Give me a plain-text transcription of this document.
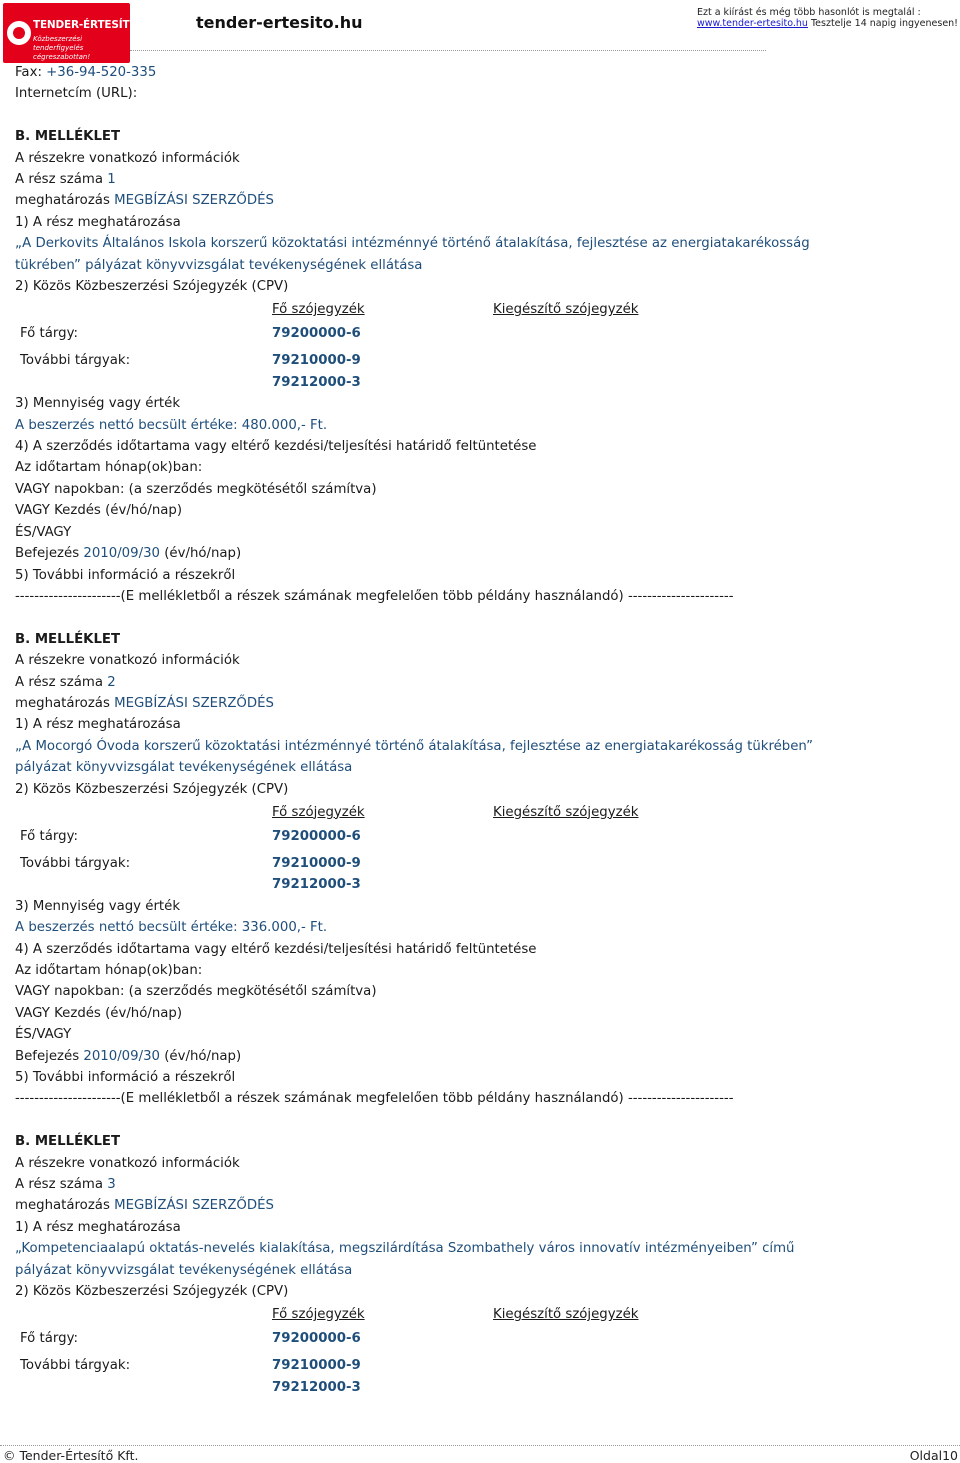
TENDER-ÉRTESÍTŐ.hu
Közbeszerzési tenderfigyelés cégreszabottan!
tender-ertesito.hu
Ezt a kiírást és még több hasonlót is megtalál :
www.tender-ertesito.hu Tesztelje 14 napig ingyenesen!
Fax: +36-94-520-335
Internetcím (URL):
B. MELLÉKLET
A részekre vonatkozó információk
A rész száma 1
meghatározás MEGBÍZÁSI SZERZŐDÉS
1) A rész meghatározása
„A Derkovits Általános Iskola korszerű közoktatási intézménnyé történő átalakítása, fejlesztése az energiatakarékosság
tükrében” pályázat könyvvizsgálat tevékenységének ellátása
2) Közös Közbeszerzési Szójegyzék (CPV)
	Fő szójegyzék	Kiegészítő szójegyzék
Fő tárgy:	79200000-6	
További tárgyak:	79210000-9
79212000-3	

3) Mennyiség vagy érték
A beszerzés nettó becsült értéke: 480.000,- Ft.
4) A szerződés időtartama vagy eltérő kezdési/teljesítési határidő feltüntetése
Az időtartam hónap(ok)ban:
VAGY napokban: (a szerződés megkötésétől számítva)
VAGY Kezdés (év/hó/nap)
ÉS/VAGY
Befejezés 2010/09/30 (év/hó/nap)
5) További információ a részekről
----------------------(E mellékletből a részek számának megfelelően több példány használandó) ----------------------
B. MELLÉKLET
A részekre vonatkozó információk
A rész száma 2
meghatározás MEGBÍZÁSI SZERZŐDÉS
1) A rész meghatározása
„A Mocorgó Óvoda korszerű közoktatási intézménnyé történő átalakítása, fejlesztése az energiatakarékosság tükrében”
pályázat könyvvizsgálat tevékenységének ellátása
2) Közös Közbeszerzési Szójegyzék (CPV)
	Fő szójegyzék	Kiegészítő szójegyzék
Fő tárgy:	79200000-6	
További tárgyak:	79210000-9
79212000-3	

3) Mennyiség vagy érték
A beszerzés nettó becsült értéke: 336.000,- Ft.
4) A szerződés időtartama vagy eltérő kezdési/teljesítési határidő feltüntetése
Az időtartam hónap(ok)ban:
VAGY napokban: (a szerződés megkötésétől számítva)
VAGY Kezdés (év/hó/nap)
ÉS/VAGY
Befejezés 2010/09/30 (év/hó/nap)
5) További információ a részekről
----------------------(E mellékletből a részek számának megfelelően több példány használandó) ----------------------
B. MELLÉKLET
A részekre vonatkozó információk
A rész száma 3
meghatározás MEGBÍZÁSI SZERZŐDÉS
1) A rész meghatározása
„Kompetenciaalapú oktatás-nevelés kialakítása, megszilárdítása Szombathely város innovatív intézményeiben” című
pályázat könyvvizsgálat tevékenységének ellátása
2) Közös Közbeszerzési Szójegyzék (CPV)
	Fő szójegyzék	Kiegészítő szójegyzék
Fő tárgy:	79200000-6	
További tárgyak:	79210000-9
79212000-3	

© Tender-Értesítő Kft.	Oldal10
